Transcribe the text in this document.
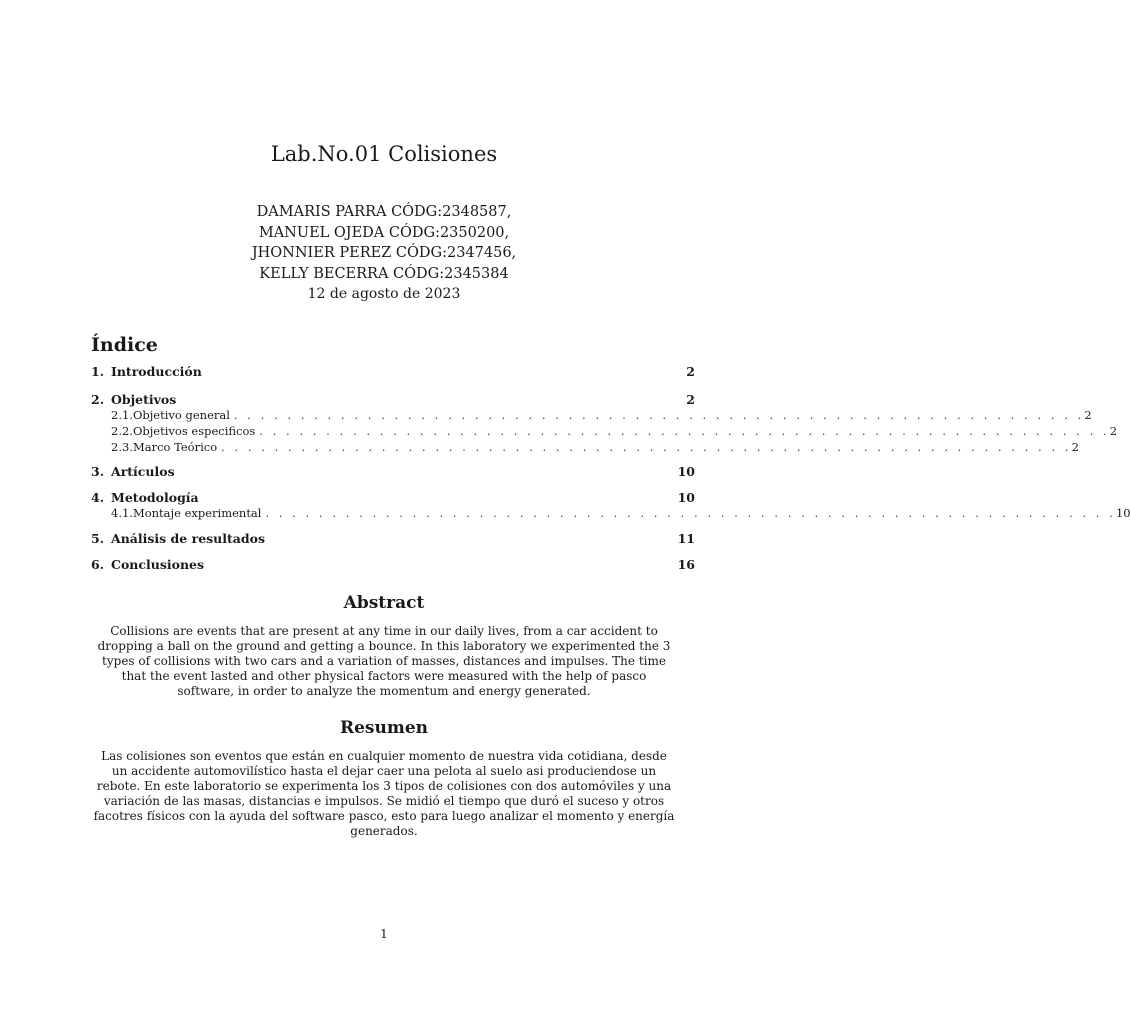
Lab.No.01 Colisiones
DAMARIS PARRA CÓDG:2348587,
MANUEL OJEDA CÓDG:2350200,
JHONNIER PEREZ CÓDG:2347456,
KELLY BECERRA CÓDG:2345384
12 de agosto de 2023
Índice
1. Introducción	2
2. Objetivos	2
2.1. Objetivo general . . . . . . . . . . . . . . . . . . . . . . . . . . . . . . . . . . . . . . . . . . . . . . . . . . . . . . . . . . . . . . . . 2
2.2. Objetivos especificos . . . . . . . . . . . . . . . . . . . . . . . . . . . . . . . . . . . . . . . . . . . . . . . . . . . . . . . . . . . . . . . . 2
2.3. Marco Teórico . . . . . . . . . . . . . . . . . . . . . . . . . . . . . . . . . . . . . . . . . . . . . . . . . . . . . . . . . . . . . . . . 2
3. Artículos	10
4. Metodología	10
4.1. Montaje experimental . . . . . . . . . . . . . . . . . . . . . . . . . . . . . . . . . . . . . . . . . . . . . . . . . . . . . . . . . . . . . . . . 10
5. Análisis de resultados	11
6. Conclusiones	16
Abstract
Collisions are events that are present at any time in our daily lives, from a car accident to dropping a ball on the ground and getting a bounce. In this laboratory we experimented the 3 types of collisions with two cars and a variation of masses, distances and impulses. The time that the event lasted and other physical factors were measured with the help of pasco software, in order to analyze the momentum and energy generated.
Resumen
Las colisiones son eventos que están en cualquier momento de nuestra vida cotidiana, desde un accidente automovilístico hasta el dejar caer una pelota al suelo asi produciendose un rebote. En este laboratorio se experimenta los 3 tipos de colisiones con dos automóviles y una variación de las masas, distancias e impulsos. Se midió el tiempo que duró el suceso y otros facotres físicos con la ayuda del software pasco, esto para luego analizar el momento y energía generados.
1
